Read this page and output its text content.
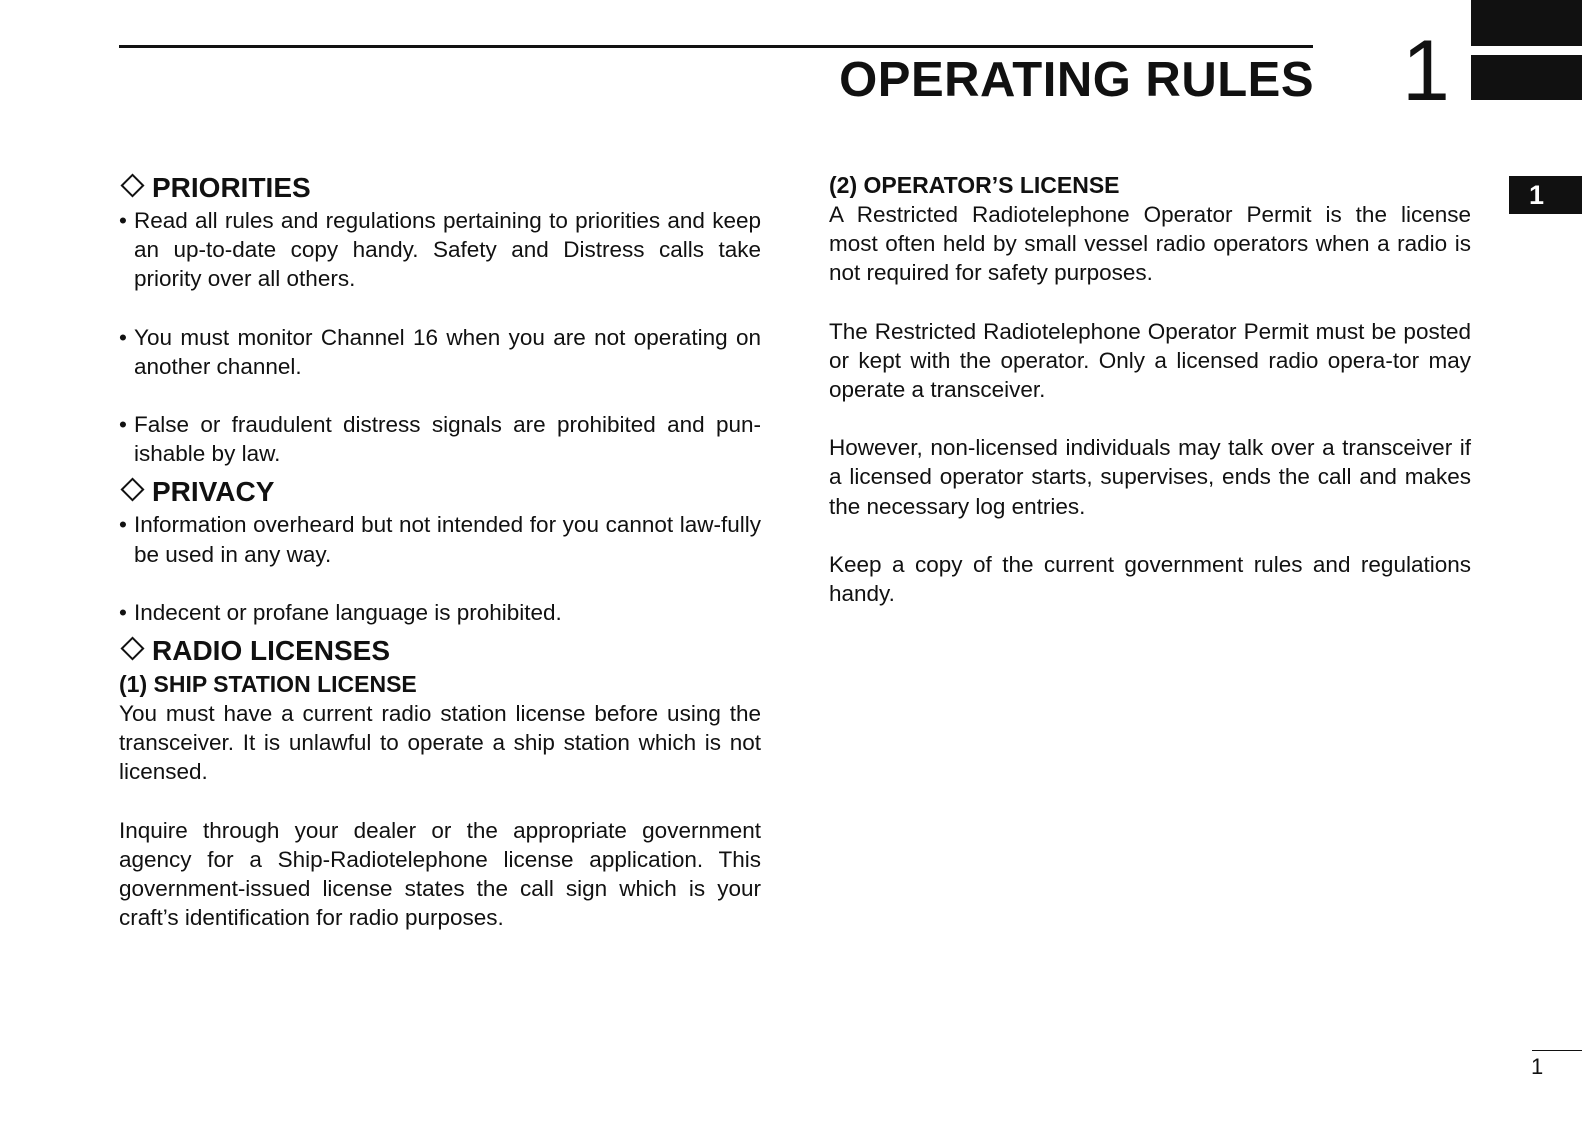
OPERATING RULES 1
1
PRIORITIES

• Read all rules and regulations pertaining to priorities and keep an up-to-date copy handy. Safety and Distress calls take priority over all others.

• You must monitor Channel 16 when you are not operating on another channel.

• False or fraudulent distress signals are prohibited and pun-ishable by law.

PRIVACY

• Information overheard but not intended for you cannot law-fully be used in any way.

• Indecent or profane language is prohibited.

RADIO LICENSES
(1) SHIP STATION LICENSE

You must have a current radio station license before using the transceiver. It is unlawful to operate a ship station which is not licensed.

Inquire through your dealer or the appropriate government agency for a Ship-Radiotelephone license application. This government-issued license states the call sign which is your craft’s identification for radio purposes.

(2) OPERATOR’S LICENSE

A Restricted Radiotelephone Operator Permit is the license most often held by small vessel radio operators when a radio is not required for safety purposes.

The Restricted Radiotelephone Operator Permit must be posted or kept with the operator. Only a licensed radio opera-tor may operate a transceiver.

However, non-licensed individuals may talk over a transceiver if a licensed operator starts, supervises, ends the call and makes the necessary log entries.

Keep a copy of the current government rules and regulations handy.

1
